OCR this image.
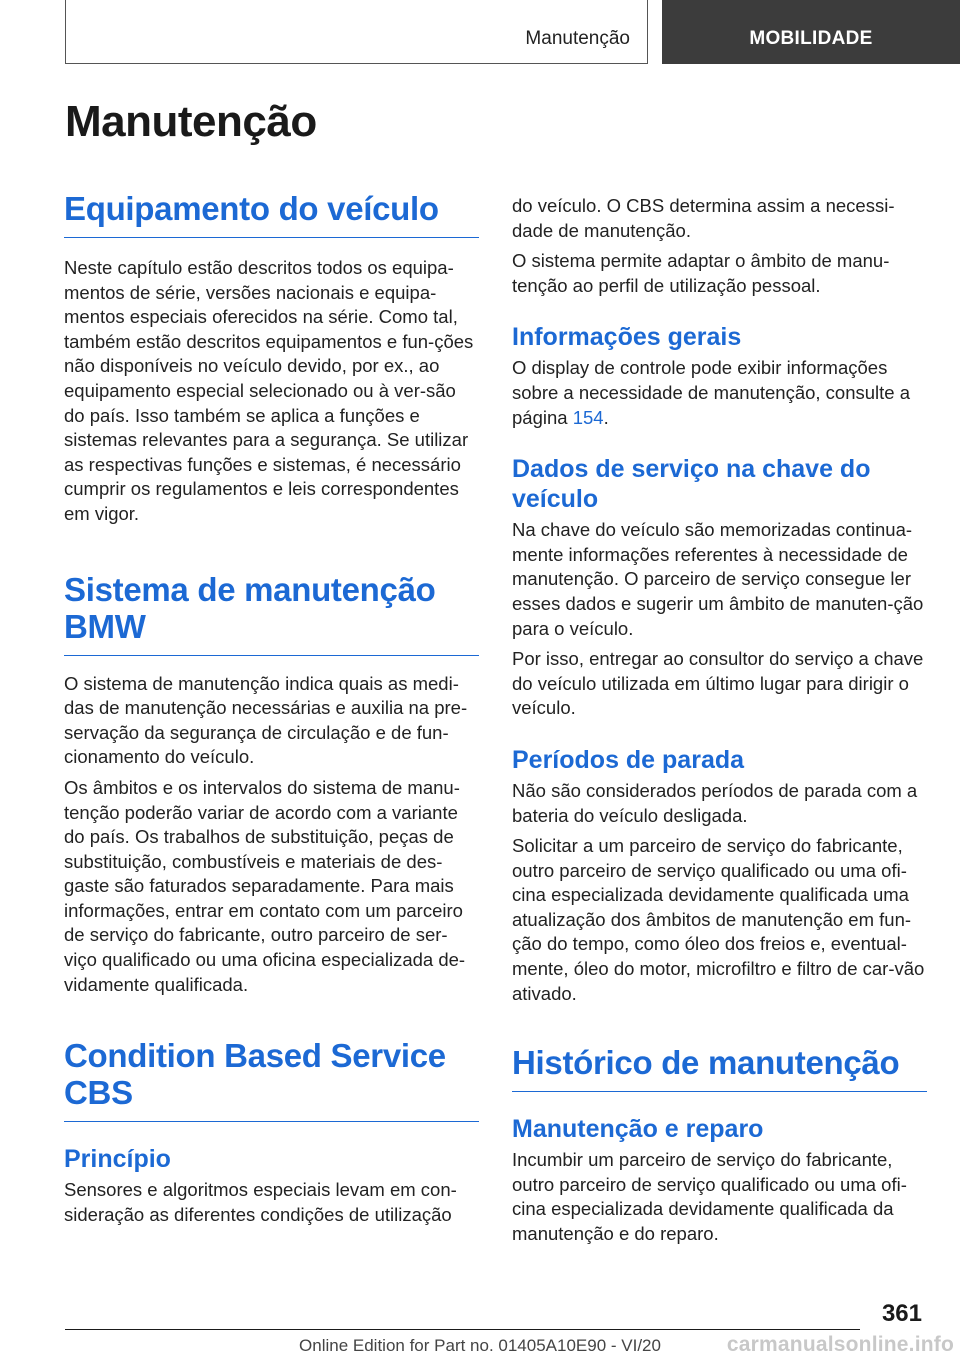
Manutenção	MOBILIDADE
Manutenção
Equipamento do veículo

Neste capítulo estão descritos todos os equipa-mentos de série, versões nacionais e equipa-mentos especiais oferecidos na série. Como tal, também estão descritos equipamentos e fun-ções não disponíveis no veículo devido, por ex., ao equipamento especial selecionado ou à ver-são do país. Isso também se aplica a funções e sistemas relevantes para a segurança. Se utilizar as respectivas funções e sistemas, é necessário cumprir os regulamentos e leis correspondentes em vigor.

Sistema de manutenção BMW

O sistema de manutenção indica quais as medi-das de manutenção necessárias e auxilia na pre-servação da segurança de circulação e de fun-cionamento do veículo.

Os âmbitos e os intervalos do sistema de manu-tenção poderão variar de acordo com a variante do país. Os trabalhos de substituição, peças de substituição, combustíveis e materiais de des-gaste são faturados separadamente. Para mais informações, entrar em contato com um parceiro de serviço do fabricante, outro parceiro de ser-viço qualificado ou uma oficina especializada de-vidamente qualificada.

Condition Based Service CBS
Princípio

Sensores e algoritmos especiais levam em con-sideração as diferentes condições de utilização

do veículo. O CBS determina assim a necessi-dade de manutenção.

O sistema permite adaptar o âmbito de manu-tenção ao perfil de utilização pessoal.

Informações gerais

O display de controle pode exibir informações sobre a necessidade de manutenção, consulte a página 154.

Dados de serviço na chave do veículo

Na chave do veículo são memorizadas continua-mente informações referentes à necessidade de manutenção. O parceiro de serviço consegue ler esses dados e sugerir um âmbito de manuten-ção para o veículo.

Por isso, entregar ao consultor do serviço a chave do veículo utilizada em último lugar para dirigir o veículo.

Períodos de parada

Não são considerados períodos de parada com a bateria do veículo desligada.

Solicitar a um parceiro de serviço do fabricante, outro parceiro de serviço qualificado ou uma ofi-cina especializada devidamente qualificada uma atualização dos âmbitos de manutenção em fun-ção do tempo, como óleo dos freios e, eventual-mente, óleo do motor, microfiltro e filtro de car-vão ativado.

Histórico de manutenção
Manutenção e reparo

Incumbir um parceiro de serviço do fabricante, outro parceiro de serviço qualificado ou uma ofi-cina especializada devidamente qualificada da manutenção e do reparo.

361
Online Edition for Part no. 01405A10E90 - VI/20	carmanualsonline.info
